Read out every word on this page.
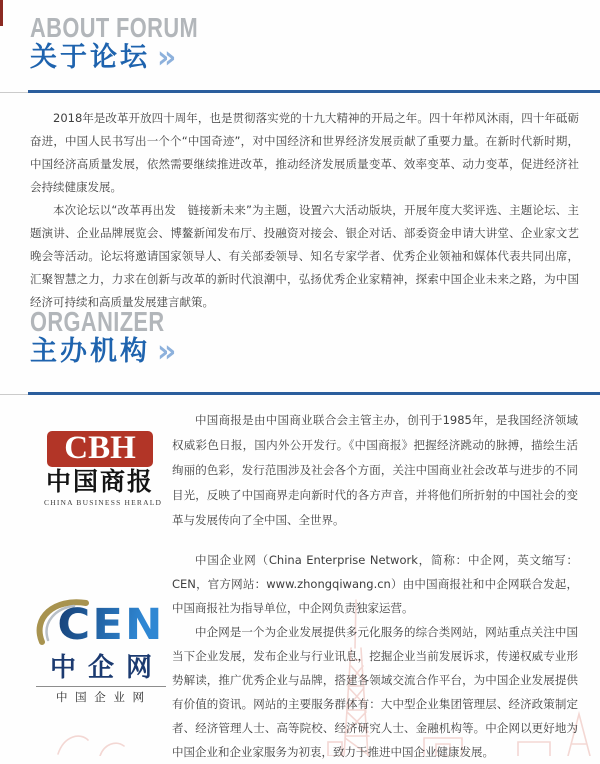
ABOUT FORUM
关于论坛 »

2018年是改革开放四十周年，也是贯彻落实党的十九大精神的开局之年。四十年栉风沐雨，四十年砥砺奋进，中国人民书写出一个个“中国奇迹”，对中国经济和世界经济发展贡献了重要力量。在新时代新时期，中国经济高质量发展，依然需要继续推进改革，推动经济发展质量变革、效率变革、动力变革，促进经济社会持续健康发展。

本次论坛以“改革再出发　链接新未来”为主题，设置六大活动版块，开展年度大奖评选、主题论坛、主题演讲、企业品牌展览会、博鳌新闻发布厅、投融资对接会、银企对话、部委资金申请大讲堂、企业家文艺晚会等活动。论坛将邀请国家领导人、有关部委领导、知名专家学者、优秀企业领袖和媒体代表共同出席，汇聚智慧之力，力求在创新与改革的新时代浪潮中，弘扬优秀企业家精神，探索中国企业未来之路，为中国经济可持续和高质量发展建言献策。

ORGANIZER
主办机构 »
CBH
中国商报
CHINA BUSINESS HERALD

中国商报是由中国商业联合会主管主办，创刊于1985年，是我国经济领域权威彩色日报，国内外公开发行。《中国商报》把握经济跳动的脉搏，描绘生活绚丽的色彩，发行范围涉及社会各个方面，关注中国商业社会改革与进步的不同目光，反映了中国商界走向新时代的各方声音，并将他们所折射的中国社会的变革与发展传向了全中国、全世界。

CEN
中企网
中 国 企 业 网

中国企业网（China Enterprise Network，简称：中企网，英文缩写：CEN，官方网站：www.zhongqiwang.cn）由中国商报社和中企网联合发起，中国商报社为指导单位，中企网负责独家运营。

中企网是一个为企业发展提供多元化服务的综合类网站，网站重点关注中国当下企业发展，发布企业与行业讯息，挖掘企业当前发展诉求，传递权威专业形势解读，推广优秀企业与品牌，搭建各领域交流合作平台，为中国企业发展提供有价值的资讯。网站的主要服务群体有：大中型企业集团管理层、经济政策制定者、经济管理人士、高等院校、经济研究人士、金融机构等。中企网以更好地为中国企业和企业家服务为初衷，致力于推进中国企业健康发展。
